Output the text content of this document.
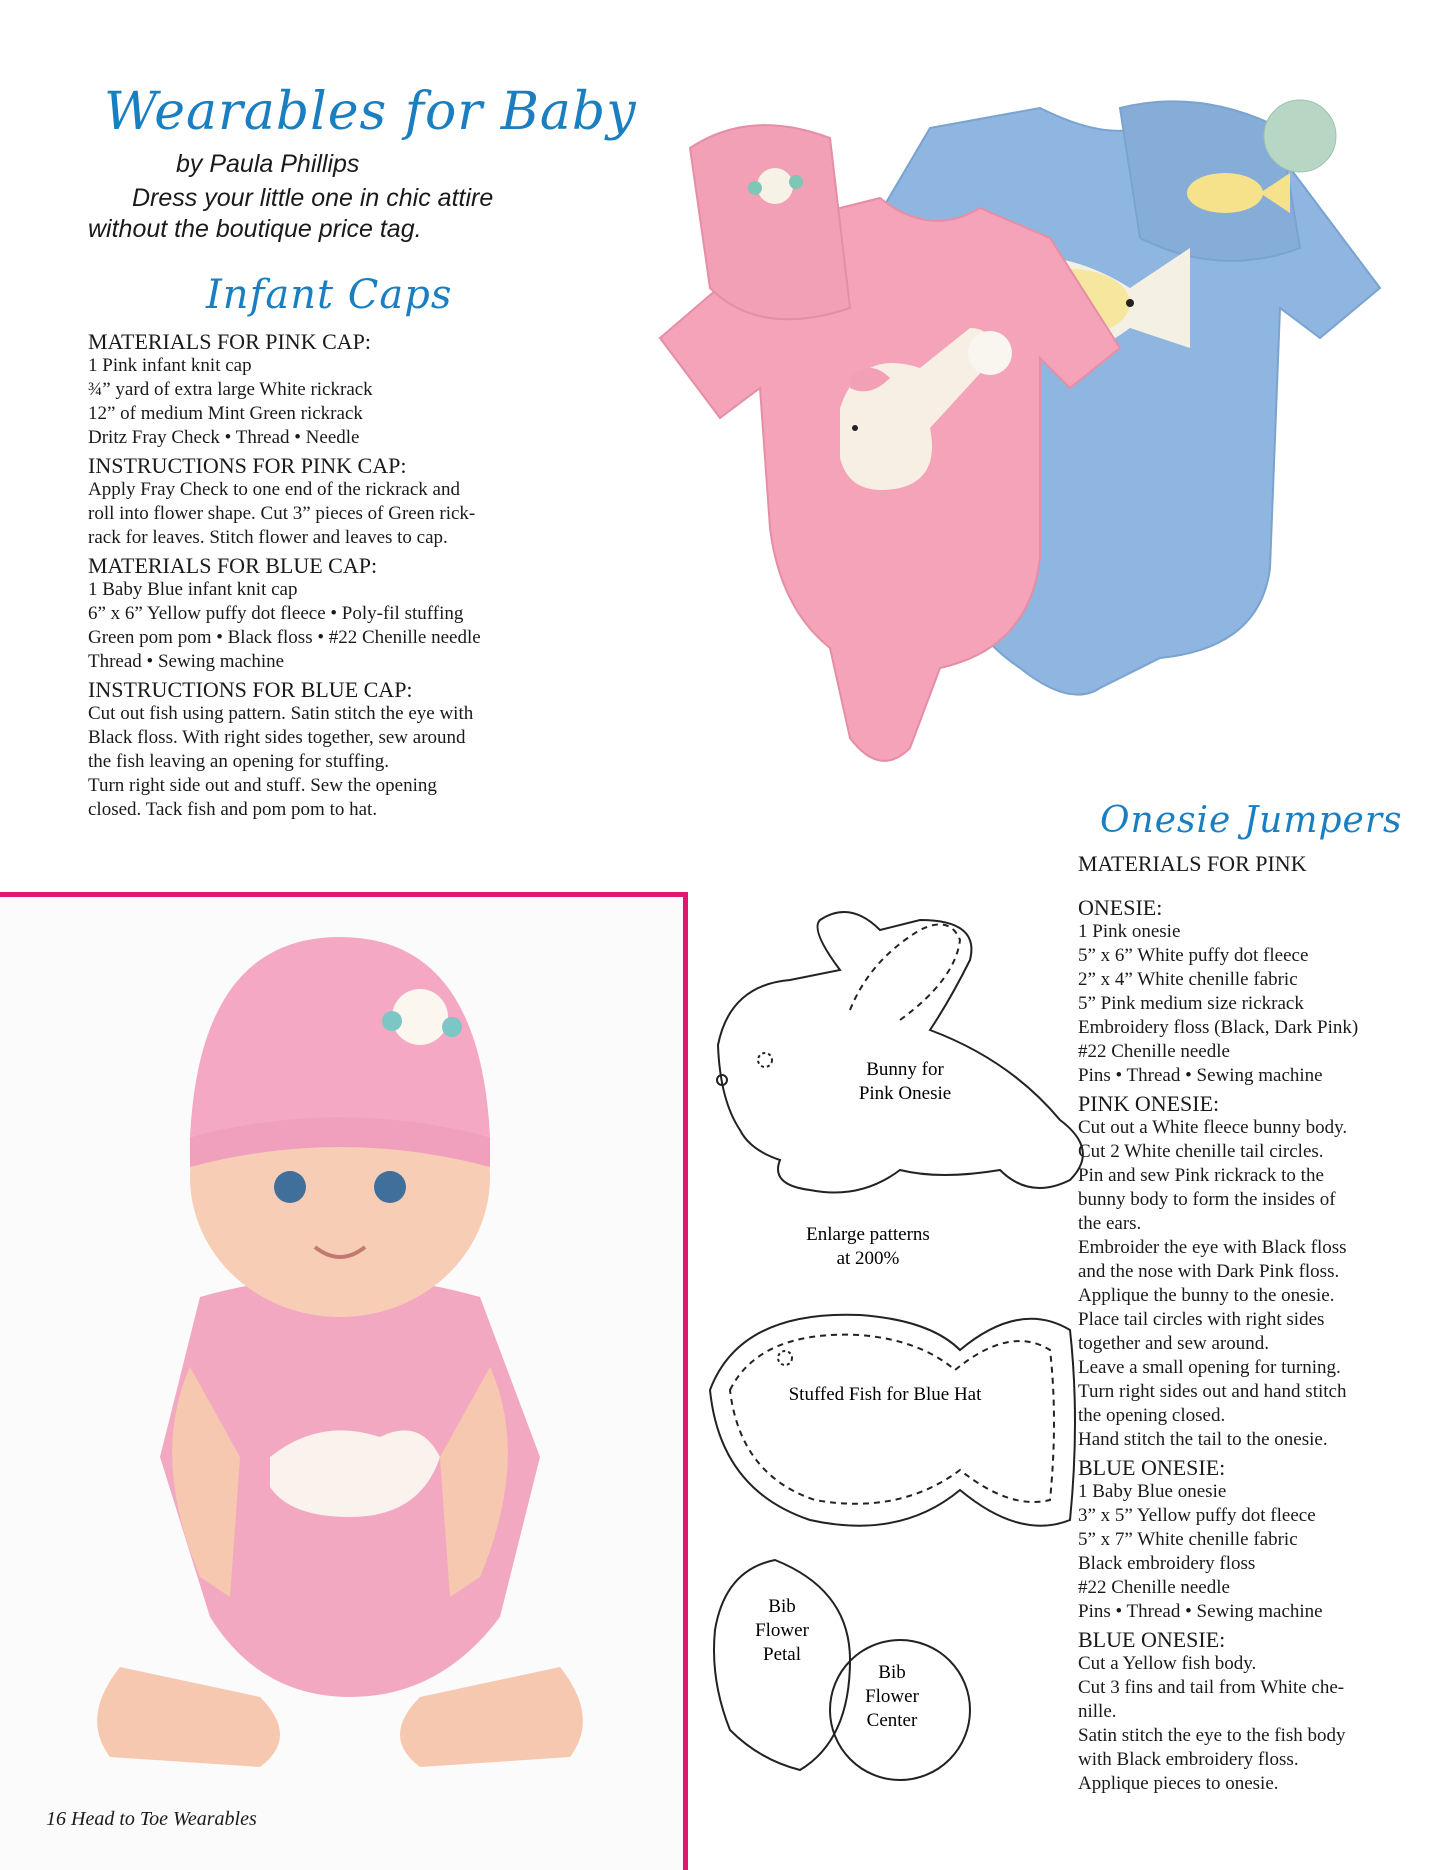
Wearables for Baby
by Paula Phillips
Dress your little one in chic attire
without the boutique price tag.
Infant Caps
MATERIALS FOR PINK CAP:
1 Pink infant knit cap
¾” yard of extra large White rickrack
12” of medium Mint Green rickrack
Dritz Fray Check • Thread • Needle
INSTRUCTIONS FOR PINK CAP:
Apply Fray Check to one end of the rickrack and
roll into flower shape. Cut 3” pieces of Green rick-
rack for leaves. Stitch flower and leaves to cap.
MATERIALS FOR BLUE CAP:
1 Baby Blue infant knit cap
6” x 6” Yellow puffy dot fleece • Poly-fil stuffing
Green pom pom • Black floss • #22 Chenille needle
Thread • Sewing machine
INSTRUCTIONS FOR BLUE CAP:
Cut out fish using pattern. Satin stitch the eye with
Black floss. With right sides together, sew around
the fish leaving an opening for stuffing.
Turn right side out and stuff. Sew the opening
closed. Tack fish and pom pom to hat.
16 Head to Toe Wearables
Bunny for
Pink Onesie
Enlarge patterns
at 200%
Stuffed Fish for Blue Hat
Bib
Flower
Petal
Bib
Flower
Center
Onesie Jumpers
MATERIALS FOR PINK
ONESIE:
1 Pink onesie
5” x 6” White puffy dot fleece
2” x 4” White chenille fabric
5” Pink medium size rickrack
Embroidery floss (Black, Dark Pink)
#22 Chenille needle
Pins • Thread • Sewing machine
PINK ONESIE:
Cut out a White fleece bunny body.
Cut 2 White chenille tail circles.
Pin and sew Pink rickrack to the
bunny body to form the insides of
the ears.
Embroider the eye with Black floss
and the nose with Dark Pink floss.
Applique the bunny to the onesie.
Place tail circles with right sides
together and sew around.
Leave a small opening for turning.
Turn right sides out and hand stitch
the opening closed.
Hand stitch the tail to the onesie.
BLUE ONESIE:
1 Baby Blue onesie
3” x 5” Yellow puffy dot fleece
5” x 7” White chenille fabric
Black embroidery floss
#22 Chenille needle
Pins • Thread • Sewing machine
BLUE ONESIE:
Cut a Yellow fish body.
Cut 3 fins and tail from White che-
nille.
Satin stitch the eye to the fish body
with Black embroidery floss.
Applique pieces to onesie.
